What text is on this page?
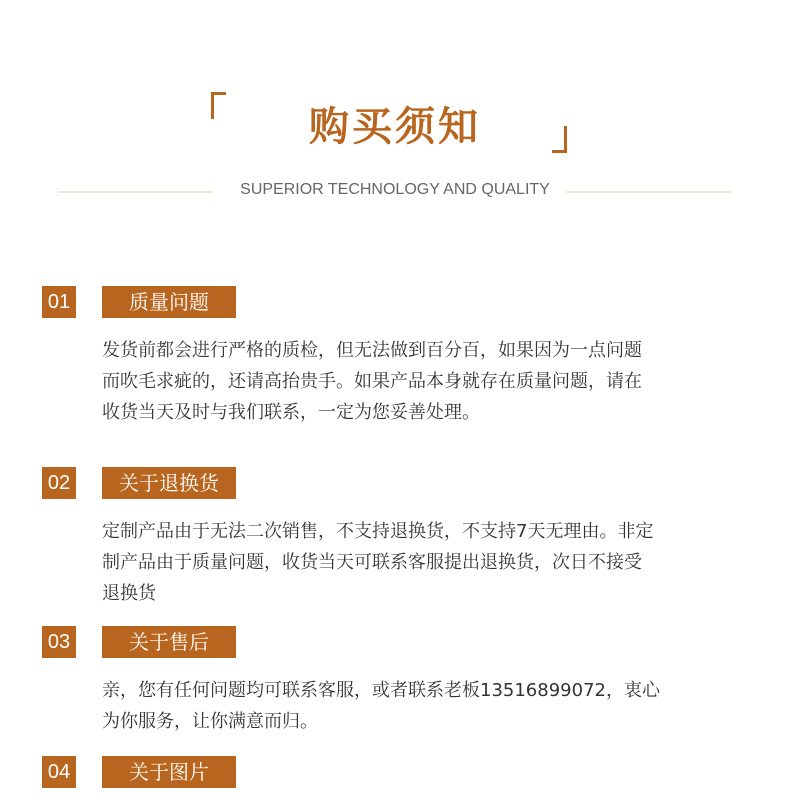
购买须知
SUPERIOR TECHNOLOGY AND QUALITY
01	质量问题
发货前都会进行严格的质检，但无法做到百分百，如果因为一点问题
而吹毛求疵的，还请高抬贵手。如果产品本身就存在质量问题，请在
收货当天及时与我们联系，一定为您妥善处理。
02	关于退换货
定制产品由于无法二次销售，不支持退换货，不支持7天无理由。非定
制产品由于质量问题，收货当天可联系客服提出退换货，次日不接受
退换货
03	关于售后
亲，您有任何问题均可联系客服，或者联系老板13516899072，衷心
为你服务，让你满意而归。
04	关于图片
